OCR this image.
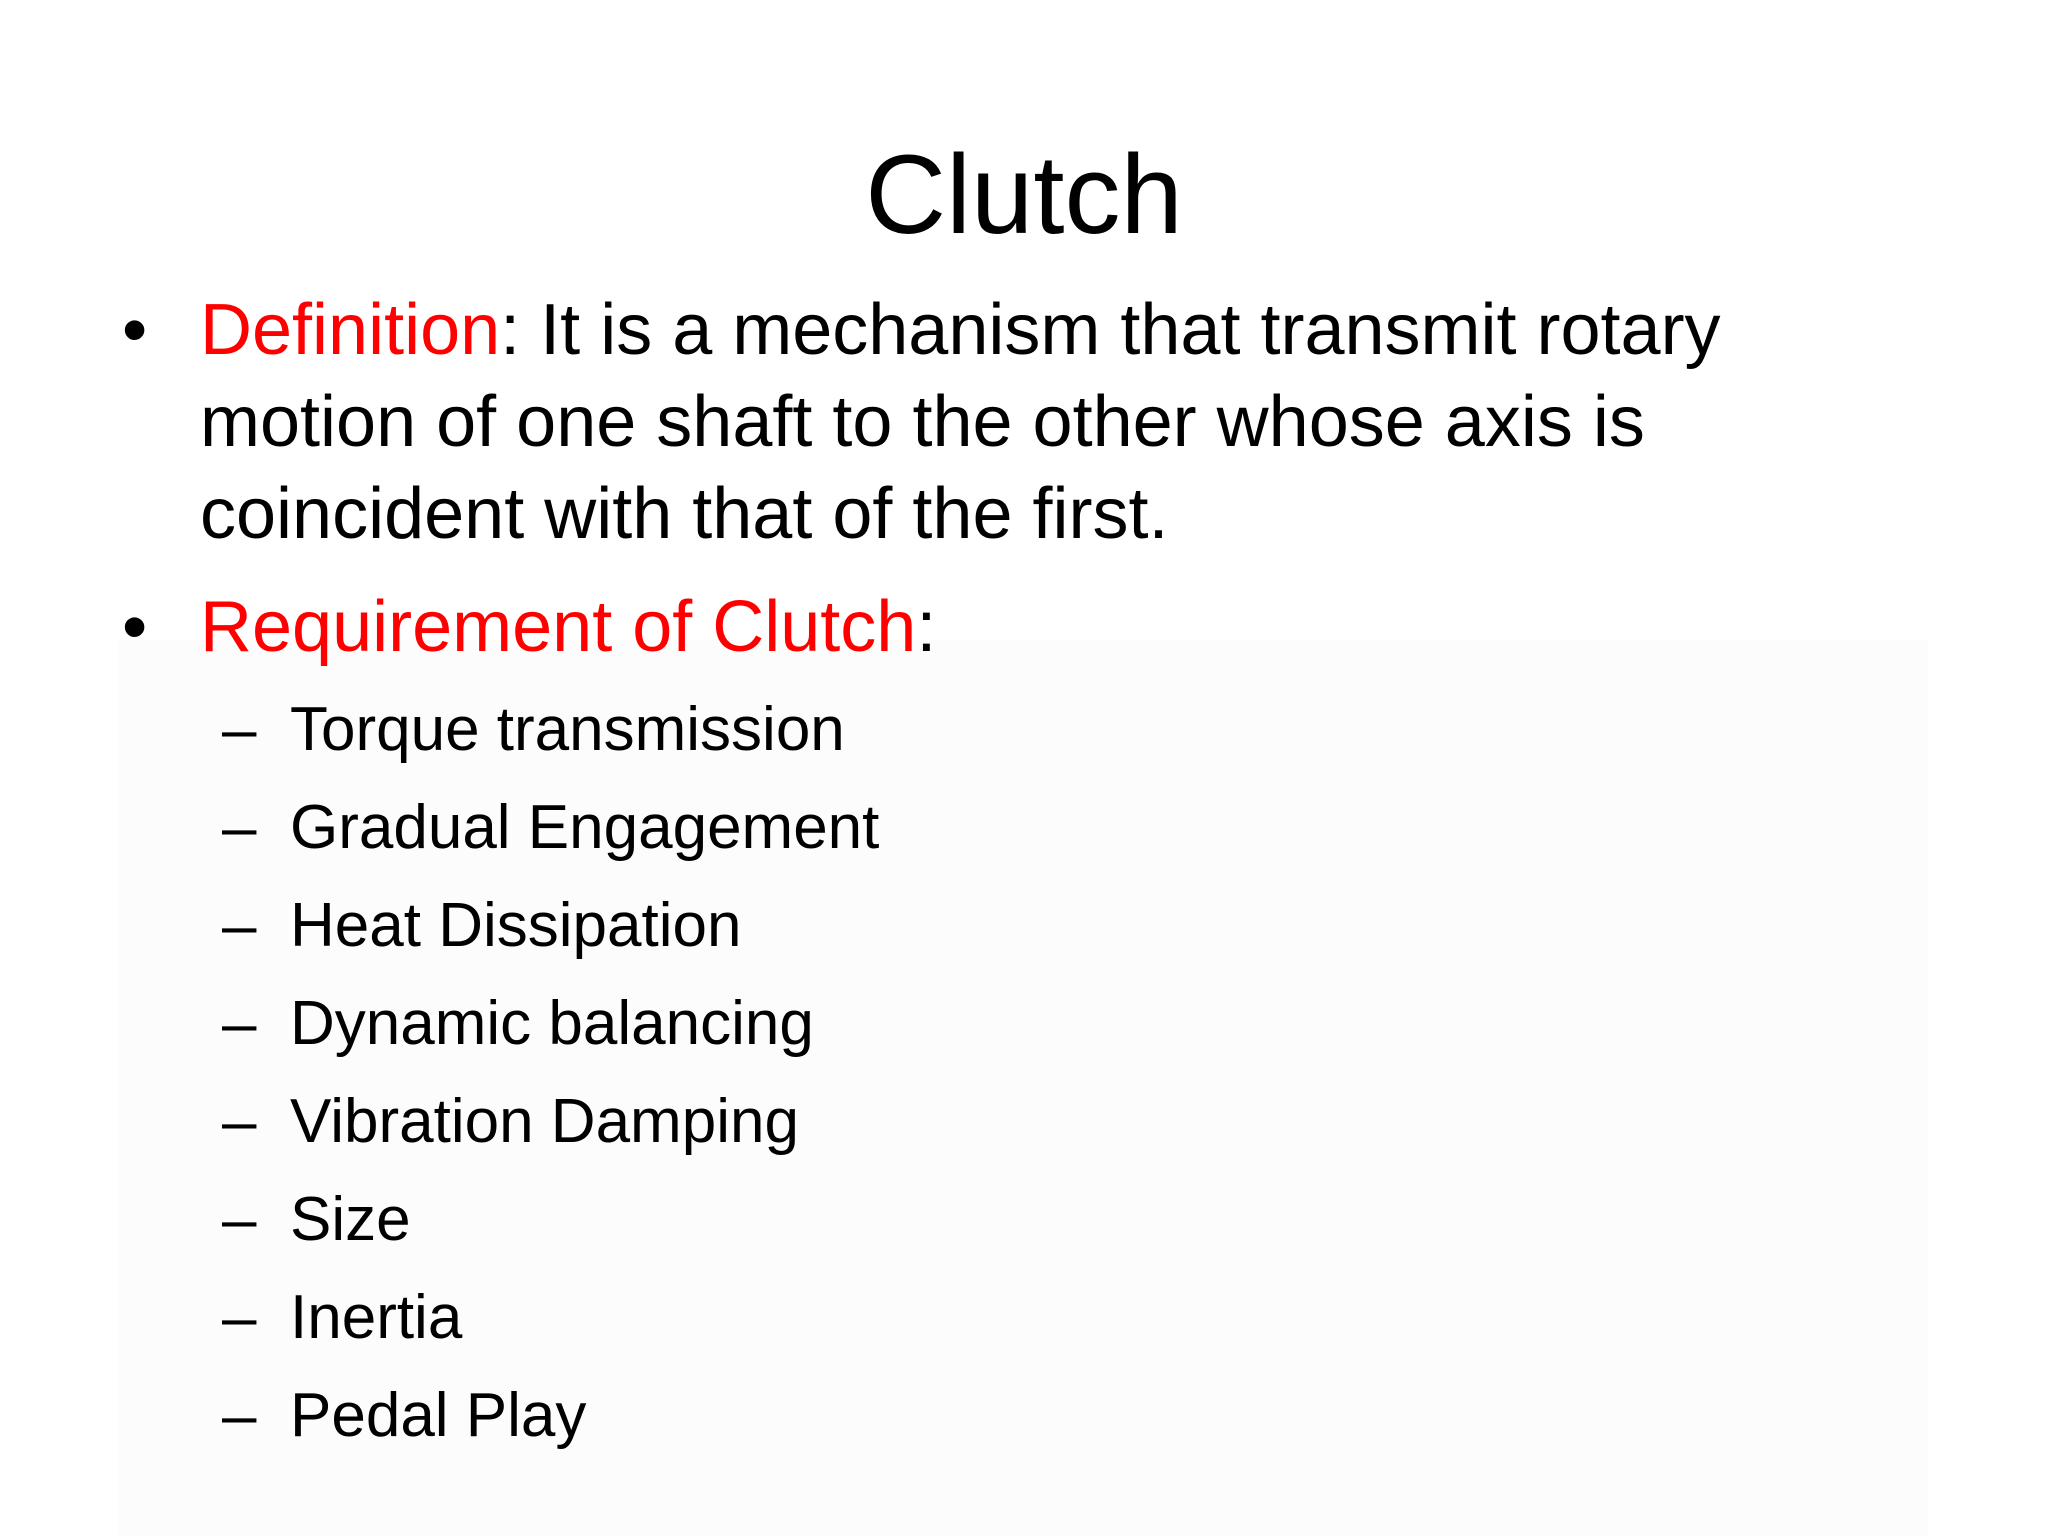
Clutch

• Definition: It is a mechanism that transmit rotary motion of one shaft to the other whose axis is coincident with that of the first.

• Requirement of Clutch:

– Torque transmission
– Gradual Engagement
– Heat Dissipation
– Dynamic balancing
– Vibration Damping
– Size
– Inertia
– Pedal Play
